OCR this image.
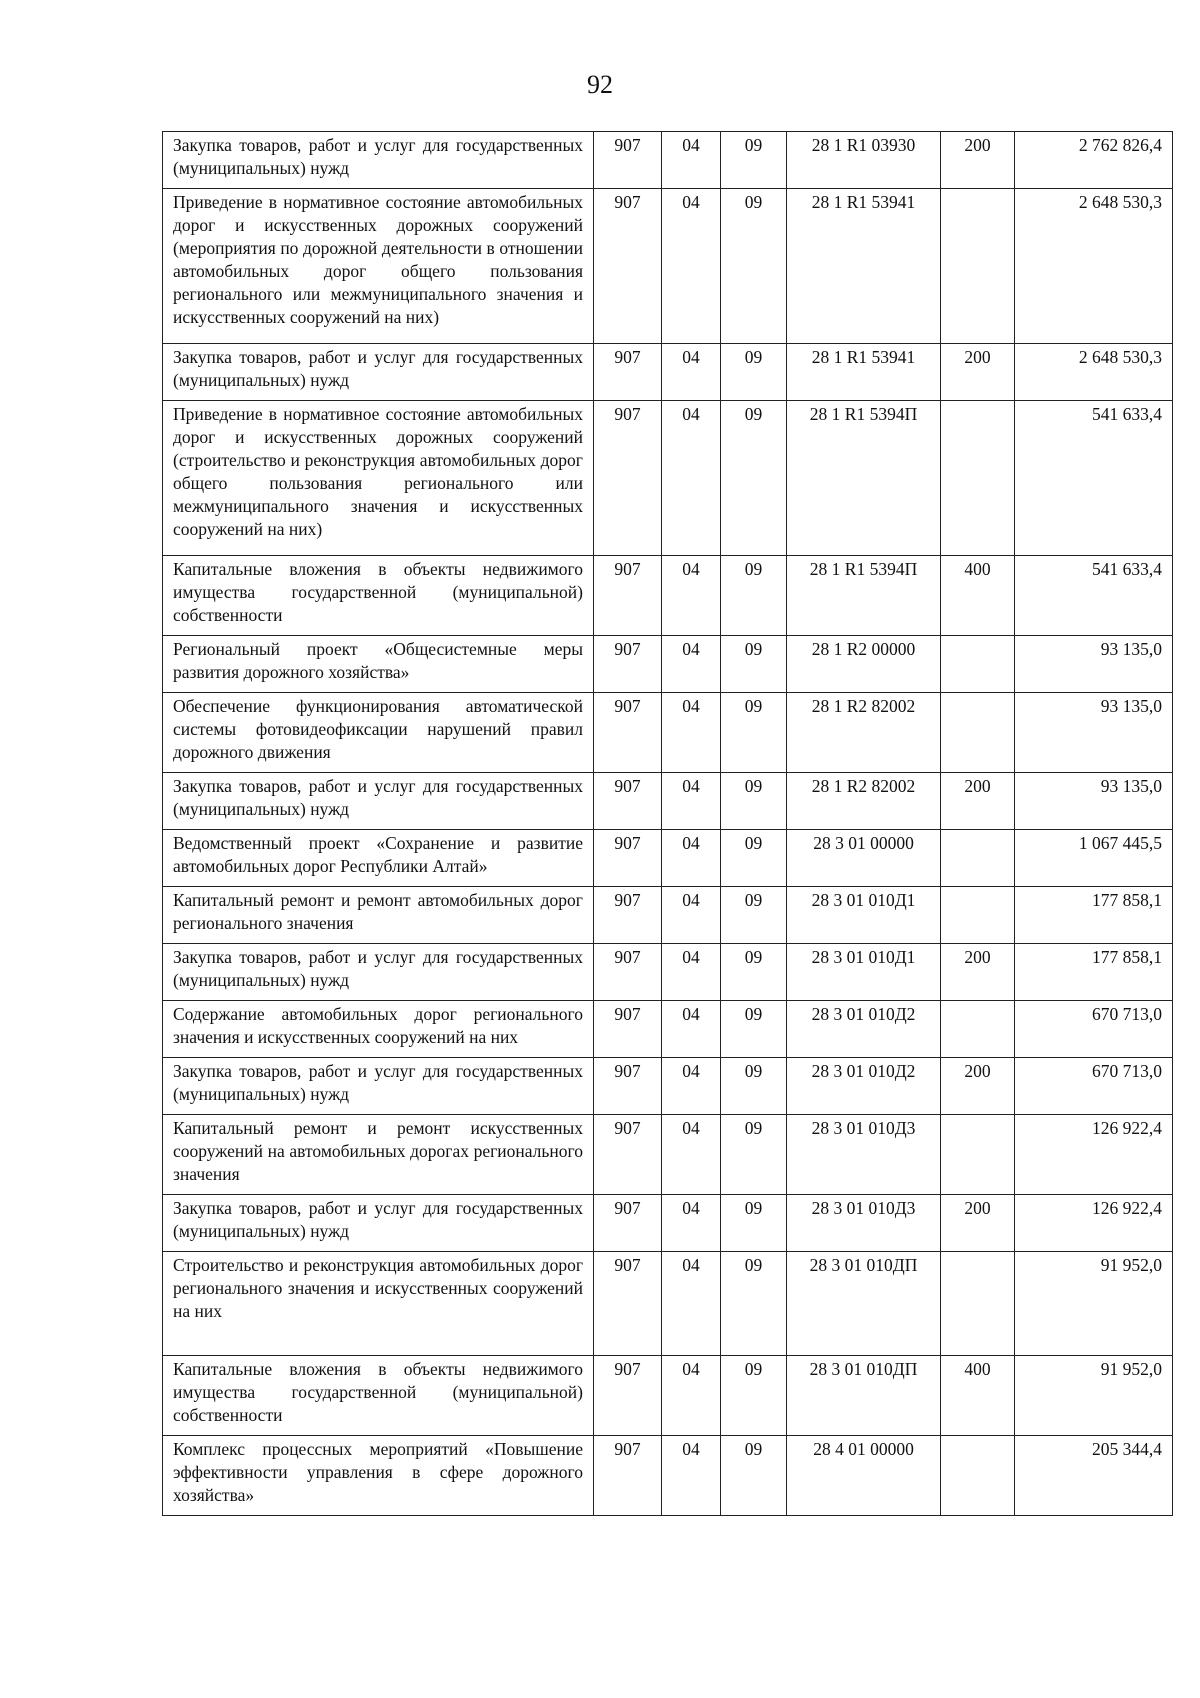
92
Закупка товаров, работ и услуг для государственных (муниципальных) нужд	907	04	09	28 1 R1 03930	200	2 762 826,4
Приведение в нормативное состояние автомобильных дорог и искусственных дорожных сооружений (мероприятия по дорожной деятельности в отношении автомобильных дорог общего пользования регионального или межмуниципального значения и искусственных сооружений на них)	907	04	09	28 1 R1 53941		2 648 530,3
Закупка товаров, работ и услуг для государственных (муниципальных) нужд	907	04	09	28 1 R1 53941	200	2 648 530,3
Приведение в нормативное состояние автомобильных дорог и искусственных дорожных сооружений (строительство и реконструкция автомобильных дорог общего пользования регионального или межмуниципального значения и искусственных сооружений на них)	907	04	09	28 1 R1 5394П		541 633,4
Капитальные вложения в объекты недвижимого имущества государственной (муниципальной) собственности	907	04	09	28 1 R1 5394П	400	541 633,4
Региональный проект «Общесистемные меры развития дорожного хозяйства»	907	04	09	28 1 R2 00000		93 135,0
Обеспечение функционирования автоматической системы фотовидеофиксации нарушений правил дорожного движения	907	04	09	28 1 R2 82002		93 135,0
Закупка товаров, работ и услуг для государственных (муниципальных) нужд	907	04	09	28 1 R2 82002	200	93 135,0
Ведомственный проект «Сохранение и развитие автомобильных дорог Республики Алтай»	907	04	09	28 3 01 00000		1 067 445,5
Капитальный ремонт и ремонт автомобильных дорог регионального значения	907	04	09	28 3 01 010Д1		177 858,1
Закупка товаров, работ и услуг для государственных (муниципальных) нужд	907	04	09	28 3 01 010Д1	200	177 858,1
Содержание автомобильных дорог регионального значения и искусственных сооружений на них	907	04	09	28 3 01 010Д2		670 713,0
Закупка товаров, работ и услуг для государственных (муниципальных) нужд	907	04	09	28 3 01 010Д2	200	670 713,0
Капитальный ремонт и ремонт искусственных сооружений на автомобильных дорогах регионального значения	907	04	09	28 3 01 010Д3		126 922,4
Закупка товаров, работ и услуг для государственных (муниципальных) нужд	907	04	09	28 3 01 010Д3	200	126 922,4
Строительство и реконструкция автомобильных дорог регионального значения и искусственных сооружений на них	907	04	09	28 3 01 010ДП		91 952,0
Капитальные вложения в объекты недвижимого имущества государственной (муниципальной) собственности	907	04	09	28 3 01 010ДП	400	91 952,0
Комплекс процессных мероприятий «Повышение эффективности управления в сфере дорожного хозяйства»	907	04	09	28 4 01 00000		205 344,4
